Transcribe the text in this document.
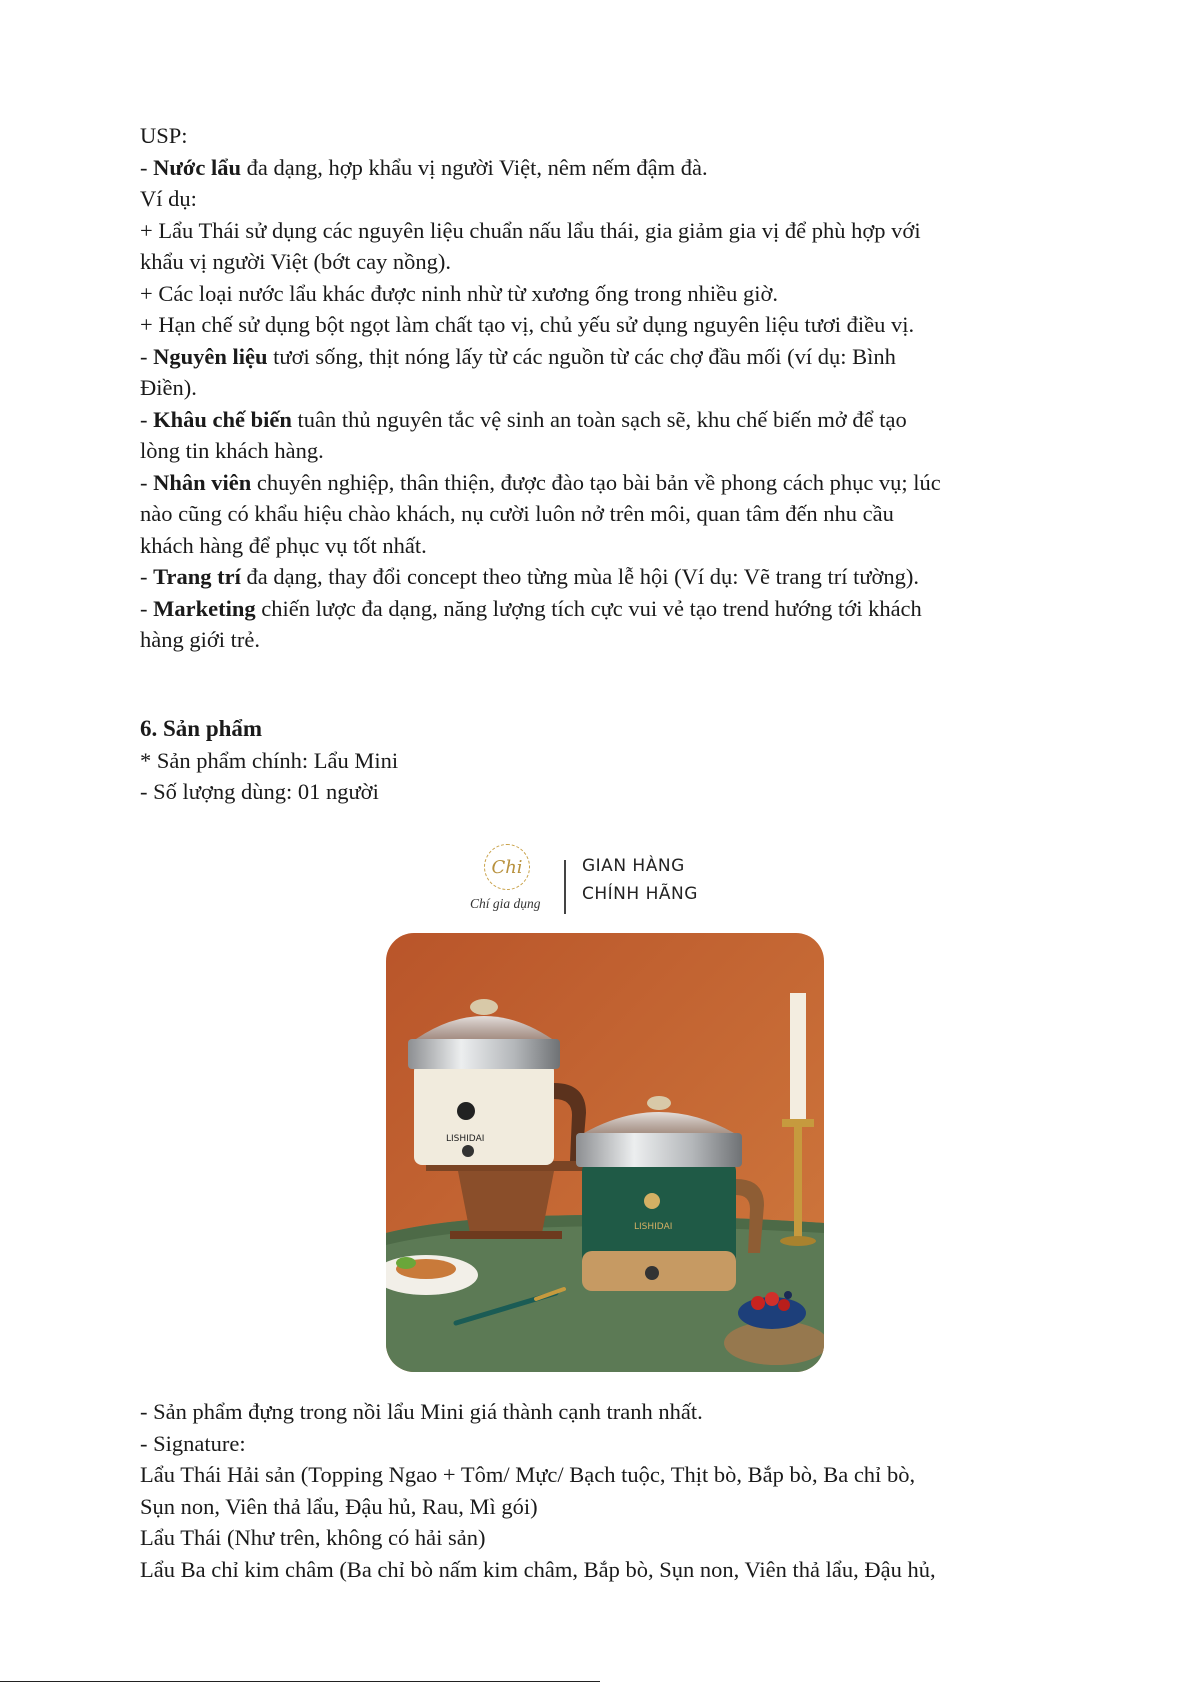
USP:
- Nước lẩu đa dạng, hợp khẩu vị người Việt, nêm nếm đậm đà.
Ví dụ:
+ Lẩu Thái sử dụng các nguyên liệu chuẩn nấu lẩu thái, gia giảm gia vị để phù hợp với
khẩu vị người Việt (bớt cay nồng).
+ Các loại nước lẩu khác được ninh nhừ từ xương ống trong nhiều giờ.
+ Hạn chế sử dụng bột ngọt làm chất tạo vị, chủ yếu sử dụng nguyên liệu tươi điều vị.
- Nguyên liệu tươi sống, thịt nóng lấy từ các nguồn từ các chợ đầu mối (ví dụ: Bình
Điền).
- Khâu chế biến tuân thủ nguyên tắc vệ sinh an toàn sạch sẽ, khu chế biến mở để tạo
lòng tin khách hàng.
- Nhân viên chuyên nghiệp, thân thiện, được đào tạo bài bản về phong cách phục vụ; lúc
nào cũng có khẩu hiệu chào khách, nụ cười luôn nở trên môi, quan tâm đến nhu cầu
khách hàng để phục vụ tốt nhất.
- Trang trí đa dạng, thay đổi concept theo từng mùa lễ hội (Ví dụ: Vẽ trang trí tường).
- Marketing chiến lược đa dạng, năng lượng tích cực vui vẻ tạo trend hướng tới khách
hàng giới trẻ.
6. Sản phẩm
* Sản phẩm chính: Lẩu Mini
- Số lượng dùng: 01 người
Chi
Chí gia dụng
GIAN HÀNG
CHÍNH HÃNG
LISHIDAI
LISHIDAI
- Sản phẩm đựng trong nồi lẩu Mini giá thành cạnh tranh nhất.
- Signature:
Lẩu Thái Hải sản (Topping Ngao + Tôm/ Mực/ Bạch tuộc, Thịt bò, Bắp bò, Ba chỉ bò,
Sụn non, Viên thả lẩu, Đậu hủ, Rau, Mì gói)
Lẩu Thái (Như trên, không có hải sản)
Lẩu Ba chỉ kim châm (Ba chỉ bò nấm kim châm, Bắp bò, Sụn non, Viên thả lẩu, Đậu hủ,
